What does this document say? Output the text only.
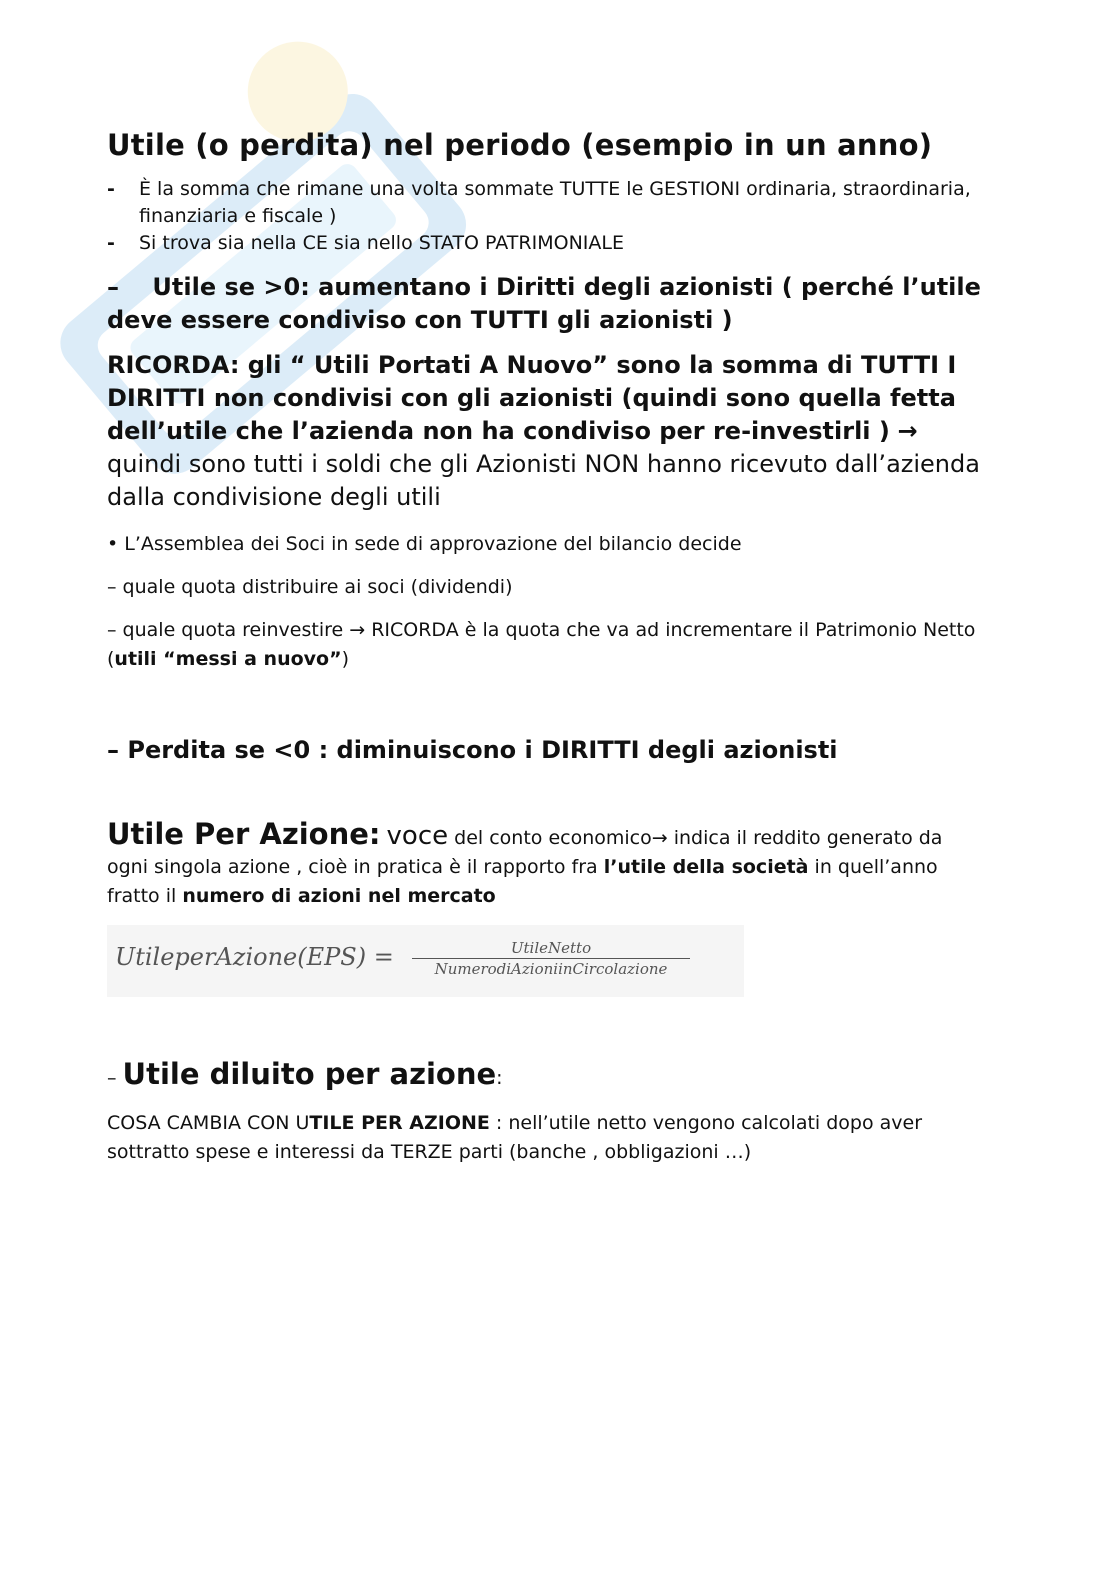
Utile (o perdita) nel periodo (esempio in un anno)
-	È la somma che rimane una volta sommate TUTTE le GESTIONI ordinaria, straordinaria, finanziaria e fiscale )
-	Si trova sia nella CE sia nello STATO PATRIMONIALE

–    Utile se >0: aumentano i Diritti degli azionisti ( perché l’utile deve essere condiviso con TUTTI gli azionisti )

RICORDA: gli “ Utili Portati A Nuovo” sono la somma di TUTTI I DIRITTI non condivisi con gli azionisti (quindi sono quella fetta dell’utile che l’azienda non ha condiviso per re-investirli ) → quindi sono tutti i soldi che gli Azionisti NON hanno ricevuto dall’azienda dalla condivisione degli utili

• L’Assemblea dei Soci in sede di approvazione del bilancio decide

– quale quota distribuire ai soci (dividendi)

– quale quota reinvestire → RICORDA è la quota che va ad incrementare il Patrimonio Netto (utili “messi a nuovo”)

– Perdita se <0 : diminuiscono i DIRITTI degli azionisti

Utile Per Azione: voce del conto economico→ indica il reddito generato da ogni singola azione , cioè in pratica è il rapporto fra l’utile della società in quell’anno fratto il numero di azioni nel mercato
UtileperAzione(EPS) =	UtileNetto
NumerodiAzioniinCircolazione
– Utile diluito per azione:

COSA CAMBIA CON UTILE PER AZIONE : nell’utile netto vengono calcolati dopo aver sottratto spese e interessi da TERZE parti (banche , obbligazioni …)
